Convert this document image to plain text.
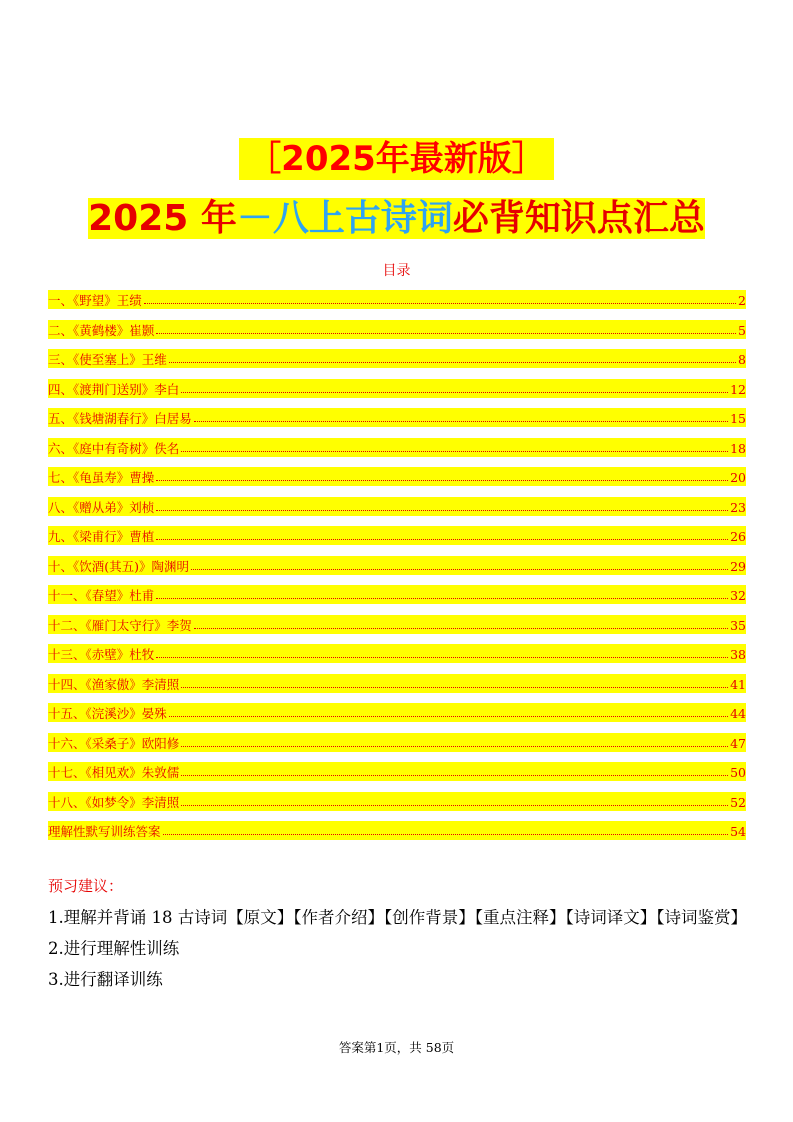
［2025年最新版］
2025 年－八上古诗词必背知识点汇总
目录
一、《野望》王绩	2
二、《黄鹤楼》崔颢	5
三、《使至塞上》王维	8
四、《渡荆门送别》李白	12
五、《钱塘湖春行》白居易	15
六、《庭中有奇树》佚名	18
七、《龟虽寿》曹操	20
八、《赠从弟》刘桢	23
九、《梁甫行》曹植	26
十、《饮酒(其五)》陶渊明	29
十一、《春望》杜甫	32
十二、《雁门太守行》李贺	35
十三、《赤壁》杜牧	38
十四、《渔家傲》李清照	41
十五、《浣溪沙》晏殊	44
十六、《采桑子》欧阳修	47
十七、《相见欢》朱敦儒	50
十八、《如梦令》李清照	52
理解性默写训练答案	54
预习建议：

1.理解并背诵 18 古诗词【原文】【作者介绍】【创作背景】【重点注释】【诗词译文】【诗词鉴赏】

2.进行理解性训练

3.进行翻译训练

答案第1页，共 58页
